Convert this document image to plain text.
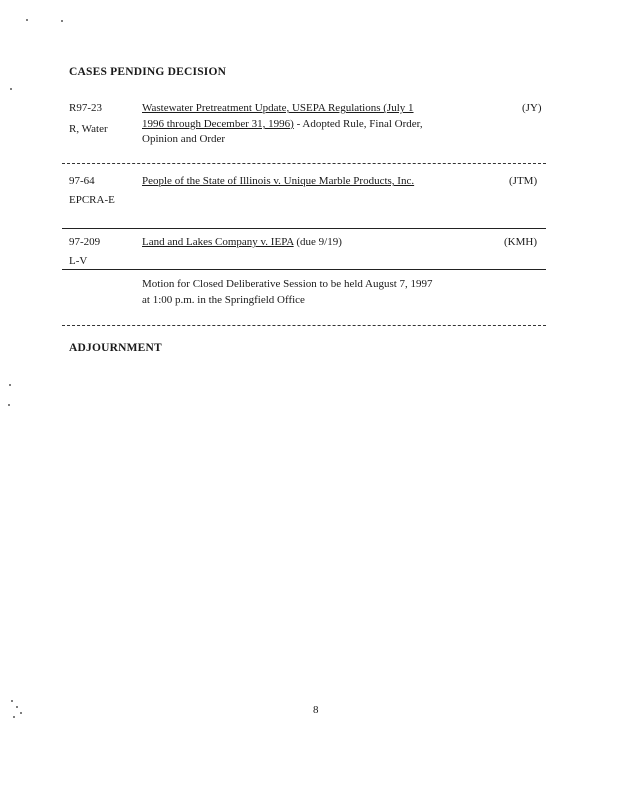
CASES PENDING DECISION
R97-23
R, Water
Wastewater Pretreatment Update, USEPA Regulations (July 1
1996 through December 31, 1996) - Adopted Rule, Final Order,
Opinion and Order
(JY)
97-64
EPCRA-E
People of the State of Illinois v. Unique Marble Products, Inc.	(JTM)
97-209
L-V
Land and Lakes Company v. IEPA (due 9/19)	(KMH)
Motion for Closed Deliberative Session to be held August 7, 1997
at 1:00 p.m. in the Springfield Office
ADJOURNMENT
8
